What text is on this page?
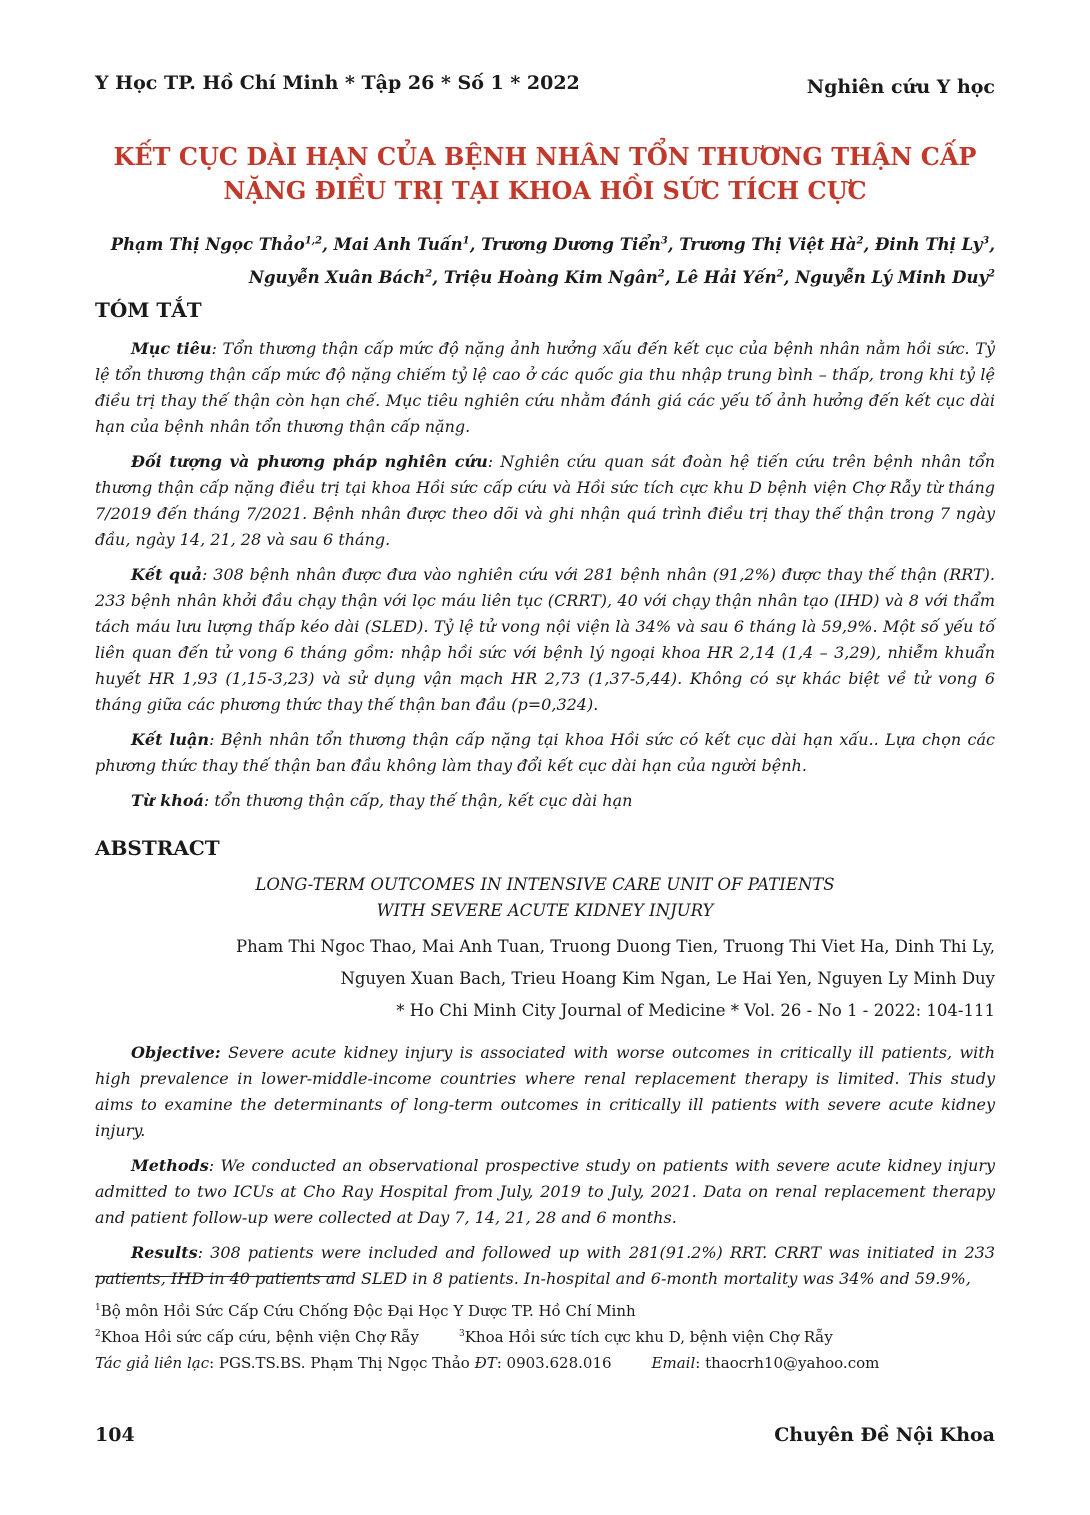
Y Học TP. Hồ Chí Minh * Tập 26 * Số 1 * 2022	Nghiên cứu Y học
KẾT CỤC DÀI HẠN CỦA BỆNH NHÂN TỔN THƯƠNG THẬN CẤP
NẶNG ĐIỀU TRỊ TẠI KHOA HỒI SỨC TÍCH CỰC
Phạm Thị Ngọc Thảo$^{1,2}$, Mai Anh Tuấn$^1$, Trương Dương Tiển$^3$, Trương Thị Việt $Hà^2$, Đinh Thị Ly$^3$,
Nguyễn Xuân Bách$^2$, Triệu Hoàng Kim Ngân$^2$, Lê Hải Yến$^2$, Nguyễn Lý Minh Duy$^2$
TÓM TẮT

Mục tiêu: Tổn thương thận cấp mức độ nặng ảnh hưởng xấu đến kết cục của bệnh nhân nằm hồi sức. Tỷ lệ tổn thương thận cấp mức độ nặng chiếm tỷ lệ cao ở các quốc gia thu nhập trung bình – thấp, trong khi tỷ lệ điều trị thay thế thận còn hạn chế. Mục tiêu nghiên cứu nhằm đánh giá các yếu tố ảnh hưởng đến kết cục dài hạn của bệnh nhân tổn thương thận cấp nặng.

Đối tượng và phương pháp nghiên cứu: Nghiên cứu quan sát đoàn hệ tiến cứu trên bệnh nhân tổn thương thận cấp nặng điều trị tại khoa Hồi sức cấp cứu và Hồi sức tích cực khu D bệnh viện Chợ Rẫy từ tháng 7/2019 đến tháng 7/2021. Bệnh nhân được theo dõi và ghi nhận quá trình điều trị thay thế thận trong 7 ngày đầu, ngày 14, 21, 28 và sau 6 tháng.

Kết quả: 308 bệnh nhân được đưa vào nghiên cứu với 281 bệnh nhân (91,2%) được thay thế thận (RRT). 233 bệnh nhân khởi đầu chạy thận với lọc máu liên tục (CRRT), 40 với chạy thận nhân tạo (IHD) và 8 với thẩm tách máu lưu lượng thấp kéo dài (SLED). Tỷ lệ tử vong nội viện là 34% và sau 6 tháng là 59,9%. Một số yếu tố liên quan đến tử vong 6 tháng gồm: nhập hồi sức với bệnh lý ngoại khoa HR 2,14 (1,4 – 3,29), nhiễm khuẩn huyết HR 1,93 (1,15-3,23) và sử dụng vận mạch HR 2,73 (1,37-5,44). Không có sự khác biệt về tử vong 6 tháng giữa các phương thức thay thế thận ban đầu (p=0,324).

Kết luận: Bệnh nhân tổn thương thận cấp nặng tại khoa Hồi sức có kết cục dài hạn xấu.. Lựa chọn các phương thức thay thế thận ban đầu không làm thay đổi kết cục dài hạn của người bệnh.

Từ khoá: tổn thương thận cấp, thay thế thận, kết cục dài hạn

ABSTRACT
LONG-TERM OUTCOMES IN INTENSIVE CARE UNIT OF PATIENTS
WITH SEVERE ACUTE KIDNEY INJURY
Pham Thi Ngoc Thao, Mai Anh Tuan, Truong Duong Tien, Truong Thi Viet Ha, Dinh Thi Ly,
Nguyen Xuan Bach, Trieu Hoang Kim Ngan, Le Hai Yen, Nguyen Ly Minh Duy
* Ho Chi Minh City Journal of Medicine * Vol. 26 - No 1 - 2022: 104-111

Objective: Severe acute kidney injury is associated with worse outcomes in critically ill patients, with high prevalence in lower-middle-income countries where renal replacement therapy is limited. This study aims to examine the determinants of long-term outcomes in critically ill patients with severe acute kidney injury.

Methods: We conducted an observational prospective study on patients with severe acute kidney injury admitted to two ICUs at Cho Ray Hospital from July, 2019 to July, 2021. Data on renal replacement therapy and patient follow-up were collected at Day 7, 14, 21, 28 and 6 months.

Results: 308 patients were included and followed up with 281(91.2%) RRT. CRRT was initiated in 233 patients, IHD in 40 patients and SLED in 8 patients. In-hospital and 6-month mortality was 34% and 59.9%,

$^1$Bộ môn Hồi Sức Cấp Cứu Chống Độc Đại Học Y Dược TP. Hồ Chí Minh
$^2$Khoa Hồi sức cấp cứu, bệnh viện Chợ Rẫy	$^3$Khoa Hồi sức tích cực khu D, bệnh viện Chợ Rẫy
Tác giả liên lạc: PGS.TS.BS. Phạm Thị Ngọc Thảo ĐT: 0903.628.016	Email: thaocrh10@yahoo.com
104	Chuyên Đề Nội Khoa
